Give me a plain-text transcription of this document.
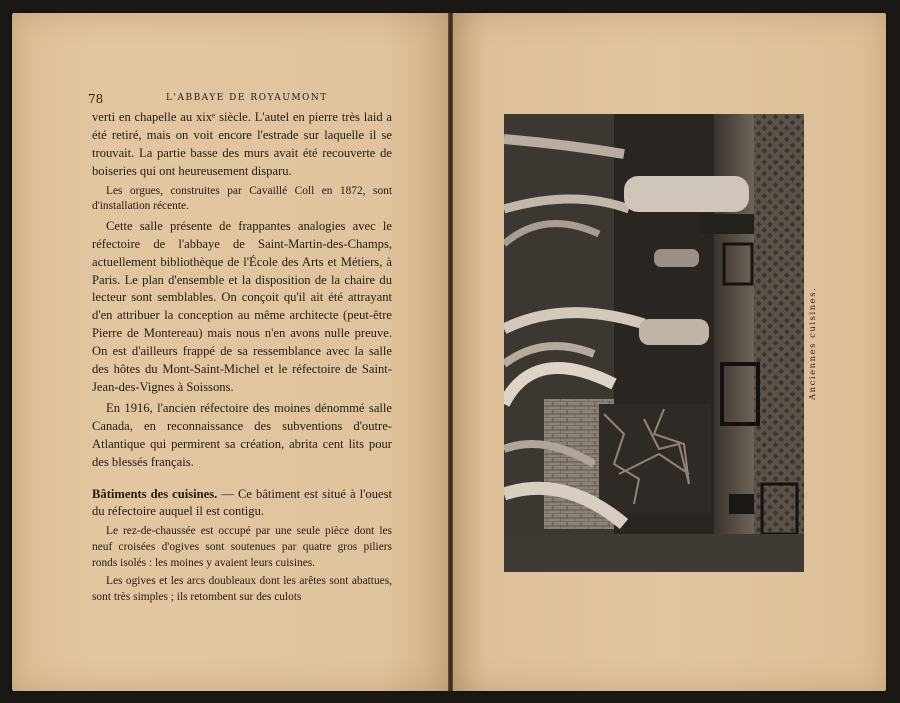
78	L'ABBAYE DE ROYAUMONT

verti en chapelle au xixᵉ siècle. L'autel en pierre très laid a été retiré, mais on voit encore l'estrade sur laquelle il se trouvait. La partie basse des murs avait été recouverte de boiseries qui ont heureusement disparu.

Les orgues, construites par Cavaillé Coll en 1872, sont d'installation récente.

Cette salle présente de frappantes analogies avec le réfectoire de l'abbaye de Saint-Martin-des-Champs, actuellement bibliothèque de l'École des Arts et Métiers, à Paris. Le plan d'ensemble et la disposition de la chaire du lecteur sont semblables. On conçoit qu'il ait été attrayant d'en attribuer la conception au même architecte (peut-être Pierre de Montereau) mais nous n'en avons nulle preuve. On est d'ailleurs frappé de sa ressemblance avec la salle des hôtes du Mont-Saint-Michel et le réfectoire de Saint-Jean-des-Vignes à Soissons.

En 1916, l'ancien réfectoire des moines dénommé salle Canada, en reconnaissance des subventions d'outre-Atlantique qui permirent sa création, abrita cent lits pour des blessés français.

Bâtiments des cuisines. — Ce bâtiment est situé à l'ouest du réfectoire auquel il est contigu.

Le rez-de-chaussée est occupé par une seule pièce dont les neuf croisées d'ogives sont soutenues par quatre gros piliers ronds isolés : les moines y avaient leurs cuisines.

Les ogives et les arcs doubleaux dont les arêtes sont abattues, sont très simples ; ils retombent sur des culots

Anciennes cuisines.
